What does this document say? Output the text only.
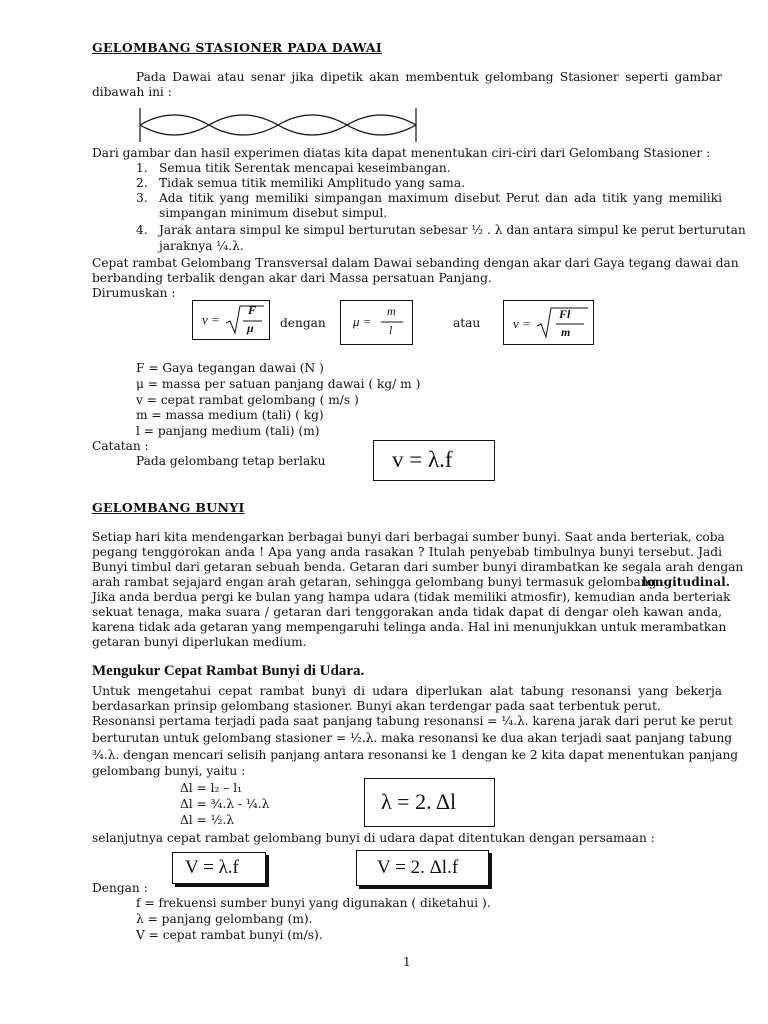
GELOMBANG STASIONER PADA DAWAI
Pada Dawai atau senar jika dipetik akan membentuk gelombang Stasioner seperti gambar
dibawah ini :
Dari gambar dan hasil experimen diatas kita dapat menentukan ciri-ciri dari Gelombang Stasioner :
1. Semua titik Serentak mencapai keseimbangan.
2. Tidak semua titik memiliki Amplitudo yang sama.
3. Ada titik yang memiliki simpangan maximum disebut Perut dan ada titik yang memiliki
simpangan minimum disebut simpul.
4. Jarak antara simpul ke simpul berturutan sebesar ½ . λ dan antara simpul ke perut berturutan
jaraknya ¼.λ.
Cepat rambat Gelombang Transversal dalam Dawai sebanding dengan akar dari Gaya tegang dawai dan
berbanding terbalik dengan akar dari Massa persatuan Panjang.
Dirumuskan :
v =
F
μ dengan μ =
m
l	atau	v =
Fl
m
F = Gaya tegangan dawai (N )
μ = massa per satuan panjang dawai ( kg/ m )
v = cepat rambat gelombang ( m/s )
m = massa medium (tali) ( kg)
l = panjang medium (tali) (m)
Catatan :
Pada gelombang tetap berlaku	v = λ.f
GELOMBANG BUNYI
Setiap hari kita mendengarkan berbagai bunyi dari berbagai sumber bunyi. Saat anda berteriak, coba
pegang tenggorokan anda ! Apa yang anda rasakan ? Itulah penyebab timbulnya bunyi tersebut. Jadi
Bunyi timbul dari getaran sebuah benda. Getaran dari sumber bunyi dirambatkan ke segala arah dengan
arah rambat sejajard engan arah getaran, sehingga gelombang bunyi termasuk gelombang
longitudinal.
Jika anda berdua pergi ke bulan yang hampa udara (tidak memiliki atmosfir), kemudian anda berteriak
sekuat tenaga, maka suara / getaran dari tenggorakan anda tidak dapat di dengar oleh kawan anda,
karena tidak ada getaran yang mempengaruhi telinga anda. Hal ini menunjukkan untuk merambatkan
getaran bunyi diperlukan medium.
Mengukur Cepat Rambat Bunyi di Udara.
Untuk mengetahui cepat rambat bunyi di udara diperlukan alat tabung resonansi yang bekerja
berdasarkan prinsip gelombang stasioner. Bunyi akan terdengar pada saat terbentuk perut.
Resonansi pertama terjadi pada saat panjang tabung resonansi = ¼.λ. karena jarak dari perut ke perut
berturutan untuk gelombang stasioner = ½.λ. maka resonansi ke dua akan terjadi saat panjang tabung
¾.λ. dengan mencari selisih panjang antara resonansi ke 1 dengan ke 2 kita dapat menentukan panjang
gelombang bunyi, yaitu :
Δl = l₂ – l₁
Δl = ¾.λ - ¼.λ
Δl = ½.λ
λ = 2. Δl
selanjutnya cepat rambat gelombang bunyi di udara dapat ditentukan dengan persamaan :
V = λ.f	V = 2. Δl.f
Dengan :
f = frekuensi sumber bunyi yang digunakan ( diketahui ).
λ = panjang gelombang (m).
V = cepat rambat bunyi (m/s).
1
